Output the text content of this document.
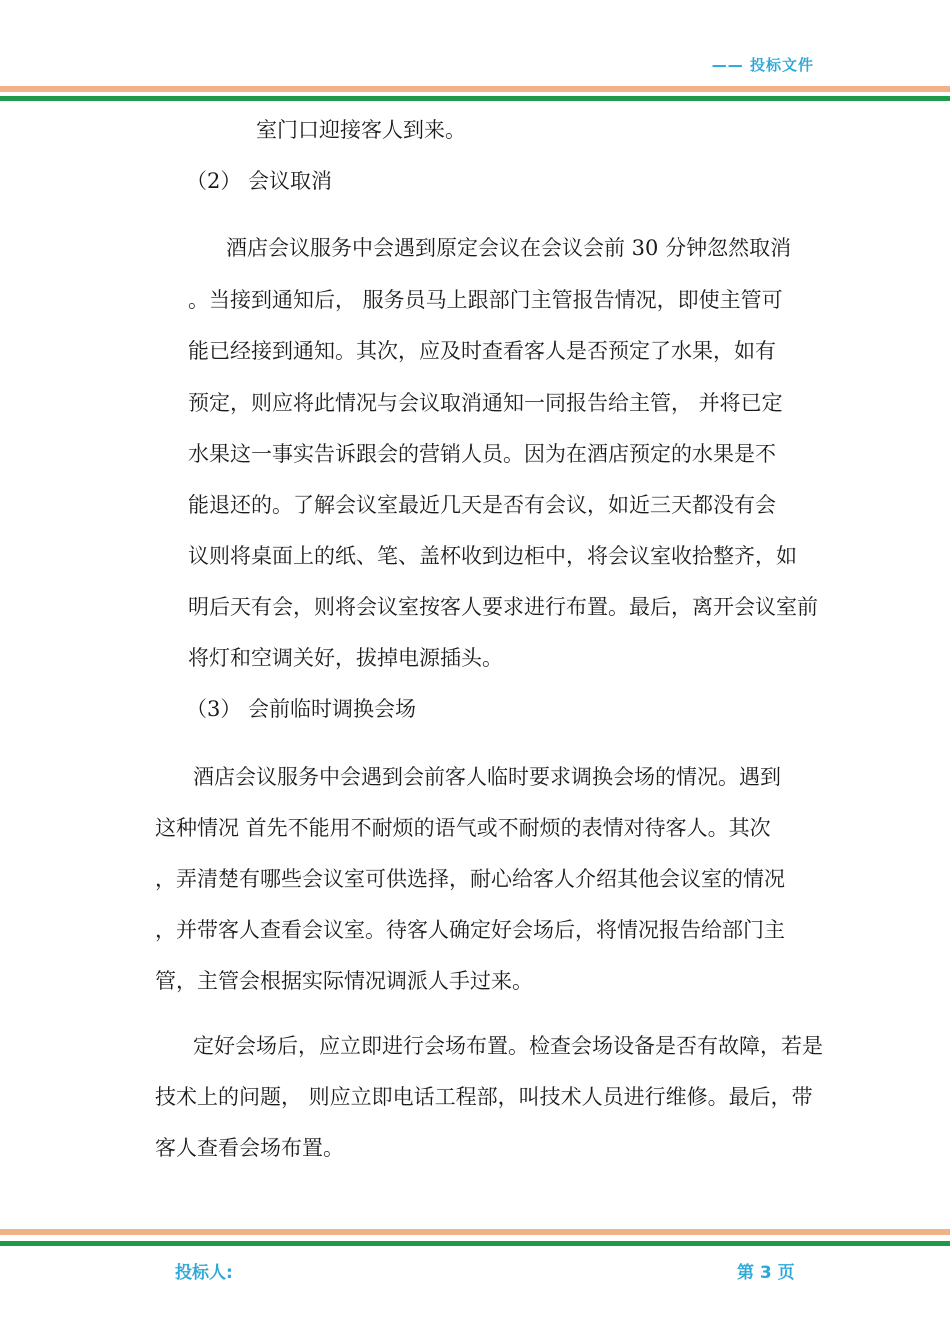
—— 投标文件
室门口迎接客人到来。
（2） 会议取消
酒店会议服务中会遇到原定会议在会议会前 30 分钟忽然取消
。当接到通知后， 服务员马上跟部门主管报告情况，即使主管可
能已经接到通知。其次，应及时查看客人是否预定了水果，如有
预定，则应将此情况与会议取消通知一同报告给主管， 并将已定
水果这一事实告诉跟会的营销人员。因为在酒店预定的水果是不
能退还的。了解会议室最近几天是否有会议，如近三天都没有会
议则将桌面上的纸、笔、盖杯收到边柜中，将会议室收拾整齐，如
明后天有会，则将会议室按客人要求进行布置。最后，离开会议室前
将灯和空调关好，拔掉电源插头。
（3） 会前临时调换会场
酒店会议服务中会遇到会前客人临时要求调换会场的情况。遇到
这种情况 首先不能用不耐烦的语气或不耐烦的表情对待客人。其次
，弄清楚有哪些会议室可供选择，耐心给客人介绍其他会议室的情况
，并带客人查看会议室。待客人确定好会场后，将情况报告给部门主
管，主管会根据实际情况调派人手过来。
定好会场后，应立即进行会场布置。检查会场设备是否有故障，若是
技术上的问题， 则应立即电话工程部，叫技术人员进行维修。最后，带
客人查看会场布置。
投标人:	第 3 页
